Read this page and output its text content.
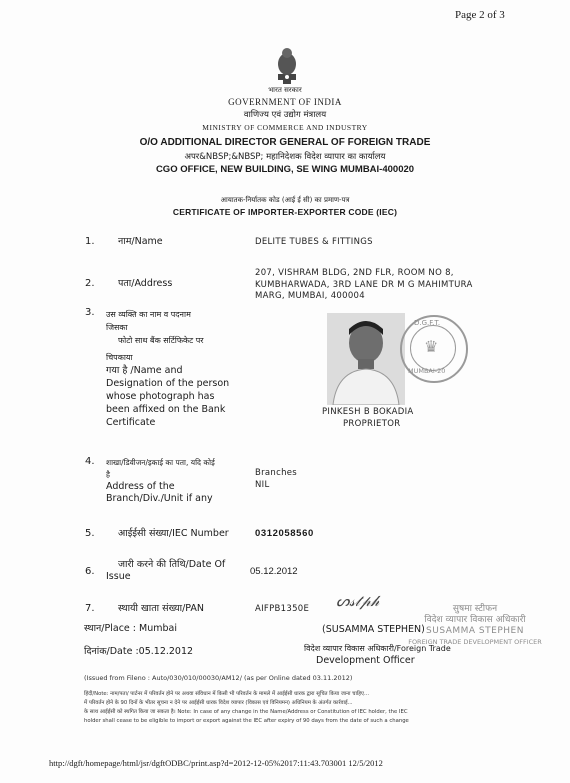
Page 2 of 3
भारत सरकार
GOVERNMENT OF INDIA
वाणिज्य एवं उद्योग मंत्रालय
MINISTRY OF COMMERCE AND INDUSTRY
O/O ADDITIONAL DIRECTOR GENERAL OF FOREIGN TRADE
अपर&NBSP;&NBSP; महानिदेशक विदेश व्यापार का कार्यालय
CGO OFFICE, NEW BUILDING, SE WING MUMBAI-400020
आयातक-निर्यातक कोड (आई ई सी) का प्रमाण-पत्र
CERTIFICATE OF IMPORTER-EXPORTER CODE (IEC)
1. नाम/Name	DELITE TUBES & FITTINGS
2. पता/Address
207, VISHRAM BLDG, 2ND FLR, ROOM NO 8,
KUMBHARWADA, 3RD LANE DR M G MAHIMTURA
MARG, MUMBAI, 400004
3. उस व्यक्ति का नाम व पदनाम
जिसका
फोटो साथ बैंक सर्टिफिकेट पर
चिपकाया
गया है /Name and
Designation of the person
whose photograph has
been affixed on the Bank
Certificate
D.G.F.T.
MUMBAI-20
♛
PINKESH B BOKADIA
PROPRIETOR
4. शाखा/डिवीजन/इकाई का पता, यदि कोई
है
Address of the
Branch/Div./Unit if any
Branches
NIL
5. आईईसी संख्या/IEC Number	0312058560
6.
जारी करने की तिथि/Date Of
Issue	05.12.2012
7. स्थायी खाता संख्या/PAN	AIFPB1350E ᔕ𝓈𝓉𝓅𝒽	सुषमा स्टीफन
विदेश व्यापार विकास अधिकारी
SUSAMMA STEPHEN
FOREIGN TRADE DEVELOPMENT OFFICER
स्थान/Place : Mumbai
दिनांक/Date :05.12.2012
(SUSAMMA STEPHEN)
विदेश व्यापार विकास अधिकारी/Foreign Trade
Development Officer
(Issued from Fileno : Auto/030/010/00030/AM12/ (as per Online dated 03.11.2012)
हिंदी/Note: नाम/पता/ पार्टनर में परिवर्तन होने पर अथवा संविधान में किसी भी परिवर्तन के मामले में आईईसी धारक द्वारा सूचित किया जाना चाहिए...
में परिवर्तन होने के 90 दिनों के भीतर सूचना न देने पर आईईसी धारक विदेश व्यापार (विकास एवं विनियमन) अधिनियम के अंतर्गत कार्रवाई...
के साथ आईईसी को स्थगित किया जा सकता है। Note: In case of any change in the Name/Address or Constitution of IEC holder, the IEC
holder shall cease to be eligible to import or export against the IEC after expiry of 90 days from the date of such a change
http://dgft/homepage/html/jsr/dgftODBC/print.asp?d=2012-12-05%2017:11:43.703001 12/5/2012
